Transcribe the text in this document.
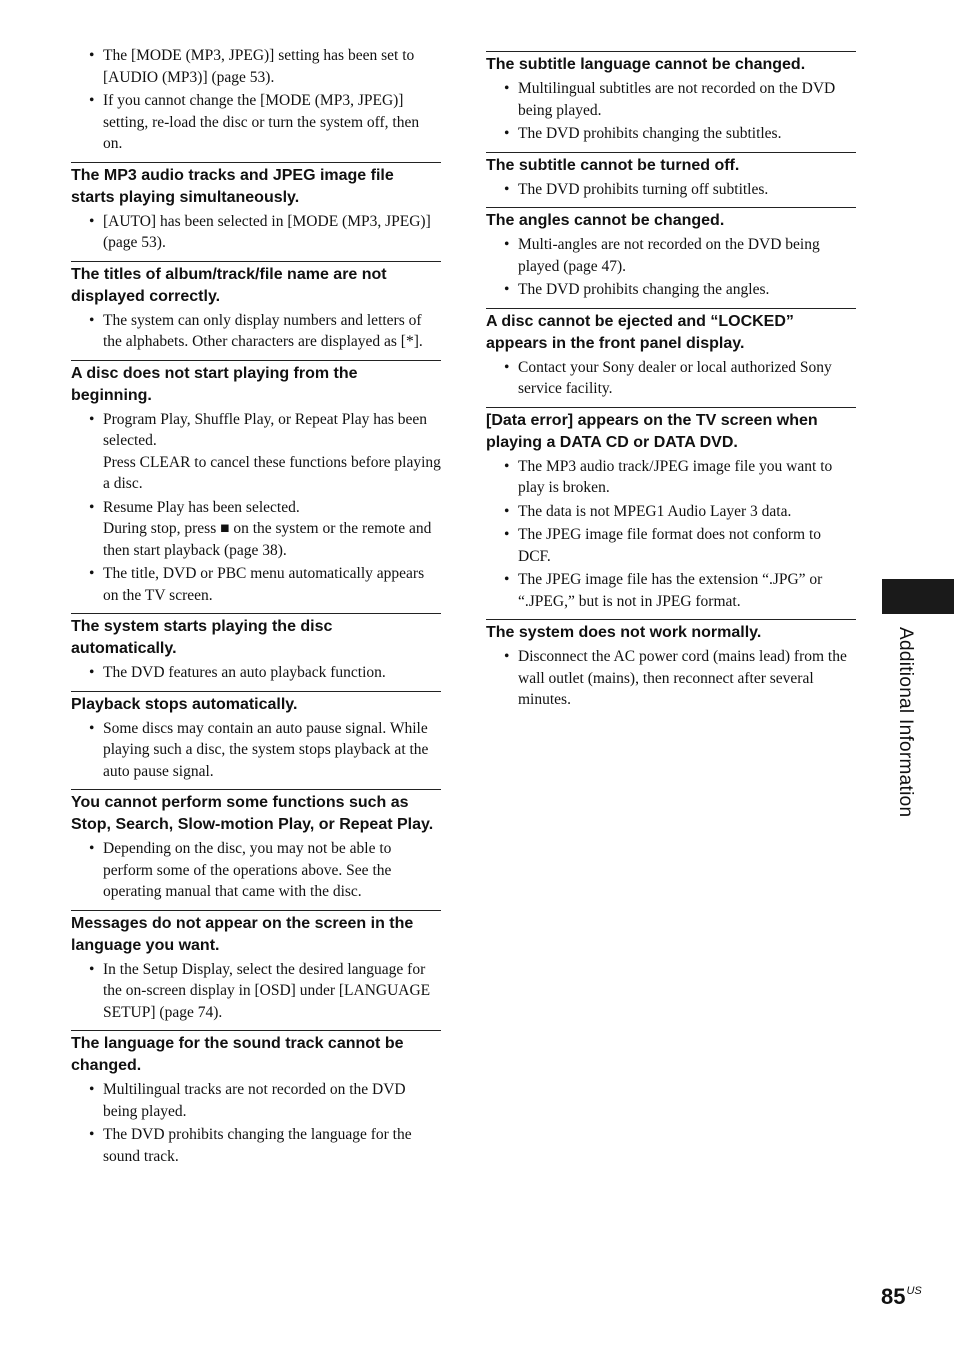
• The [MODE (MP3, JPEG)] setting has been set to [AUDIO (MP3)] (page 53).
• If you cannot change the [MODE (MP3, JPEG)] setting, re-load the disc or turn the system off, then on.
The MP3 audio tracks and JPEG image file starts playing simultaneously.
• [AUTO] has been selected in [MODE (MP3, JPEG)] (page 53).
The titles of album/track/file name are not displayed correctly.
• The system can only display numbers and letters of the alphabets. Other characters are displayed as [*].
A disc does not start playing from the beginning.
• Program Play, Shuffle Play, or Repeat Play has been selected.
Press CLEAR to cancel these functions before playing a disc.
• Resume Play has been selected.
During stop, press ■ on the system or the remote and then start playback (page 38).
• The title, DVD or PBC menu automatically appears on the TV screen.
The system starts playing the disc automatically.
• The DVD features an auto playback function.
Playback stops automatically.
• Some discs may contain an auto pause signal. While playing such a disc, the system stops playback at the auto pause signal.
You cannot perform some functions such as Stop, Search, Slow-motion Play, or Repeat Play.
• Depending on the disc, you may not be able to perform some of the operations above. See the operating manual that came with the disc.
Messages do not appear on the screen in the language you want.
• In the Setup Display, select the desired language for the on-screen display in [OSD] under [LANGUAGE SETUP] (page 74).
The language for the sound track cannot be changed.
• Multilingual tracks are not recorded on the DVD being played.
• The DVD prohibits changing the language for the sound track.
The subtitle language cannot be changed.
• Multilingual subtitles are not recorded on the DVD being played.
• The DVD prohibits changing the subtitles.
The subtitle cannot be turned off.
• The DVD prohibits turning off subtitles.
The angles cannot be changed.
• Multi-angles are not recorded on the DVD being played (page 47).
• The DVD prohibits changing the angles.
A disc cannot be ejected and “LOCKED” appears in the front panel display.
• Contact your Sony dealer or local authorized Sony service facility.
[Data error] appears on the TV screen when playing a DATA CD or DATA DVD.
• The MP3 audio track/JPEG image file you want to play is broken.
• The data is not MPEG1 Audio Layer 3 data.
• The JPEG image file format does not conform to DCF.
• The JPEG image file has the extension “.JPG” or “.JPEG,” but is not in JPEG format.
The system does not work normally.
• Disconnect the AC power cord (mains lead) from the wall outlet (mains), then reconnect after several minutes.	Additional Information
$85^{US}$
